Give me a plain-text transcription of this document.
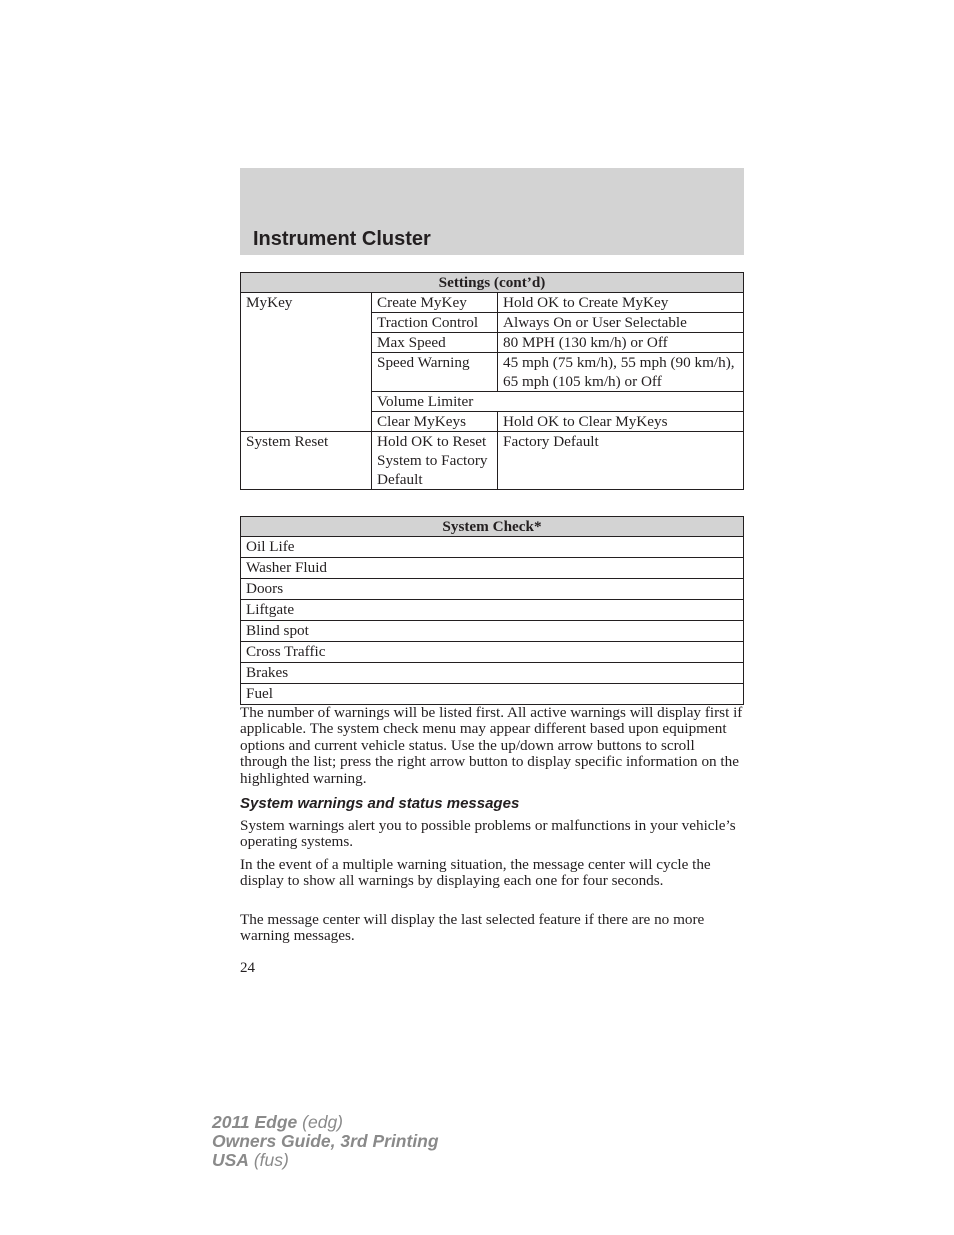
Instrument Cluster
Settings (cont’d)		
MyKey	Create MyKey	Hold OK to Create MyKey
	Traction Control	Always On or User Selectable
	Max Speed	80 MPH (130 km/h) or Off
	Speed Warning	45 mph (75 km/h), 55 mph (90 km/h), 65 mph (105 km/h) or Off
	Volume Limiter	
	Clear MyKeys	Hold OK to Clear MyKeys
System Reset	Hold OK to Reset System to Factory Default	Factory Default
System Check*
Oil Life
Washer Fluid
Doors
Liftgate
Blind spot
Cross Traffic
Brakes
Fuel

The number of warnings will be listed first. All active warnings will display first if applicable. The system check menu may appear different based upon equipment options and current vehicle status. Use the up/down arrow buttons to scroll through the list; press the right arrow button to display specific information on the highlighted warning.

System warnings and status messages

System warnings alert you to possible problems or malfunctions in your vehicle’s operating systems.

In the event of a multiple warning situation, the message center will cycle the display to show all warnings by displaying each one for four seconds.

The message center will display the last selected feature if there are no more warning messages.

24
2011 Edge (edg)
Owners Guide, 3rd Printing
USA (fus)
